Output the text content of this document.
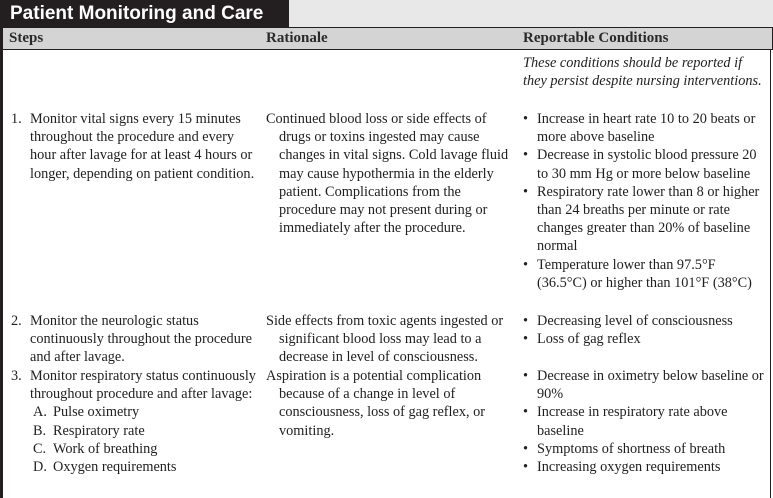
Patient Monitoring and Care
Steps	Rationale	Reportable Conditions
1. Monitor vital signs every 15 minutes throughout the procedure and every hour after lavage for at least 4 hours or longer, depending on patient condition.
Continued blood loss or side effects of drugs or toxins ingested may cause changes in vital signs. Cold lavage fluid may cause hypothermia in the elderly patient. Complications from the procedure may not present during or immediately after the procedure.
These conditions should be reported if they persist despite nursing interventions.
• Increase in heart rate 10 to 20 beats or more above baseline
• Decrease in systolic blood pressure 20 to 30 mm Hg or more below baseline
• Respiratory rate lower than 8 or higher than 24 breaths per minute or rate changes greater than 20% of baseline normal
• Temperature lower than 97.5°F (36.5°C) or higher than 101°F (38°C)
2. Monitor the neurologic status continuously throughout the procedure and after lavage.
Side effects from toxic agents ingested or significant blood loss may lead to a decrease in level of consciousness.
• Decreasing level of consciousness
• Loss of gag reflex
3. Monitor respiratory status continuously throughout procedure and after lavage:
A. Pulse oximetry
B. Respiratory rate
C. Work of breathing
D. Oxygen requirements
Aspiration is a potential complication because of a change in level of consciousness, loss of gag reflex, or vomiting.
• Decrease in oximetry below baseline or 90%
• Increase in respiratory rate above baseline
• Symptoms of shortness of breath
• Increasing oxygen requirements
